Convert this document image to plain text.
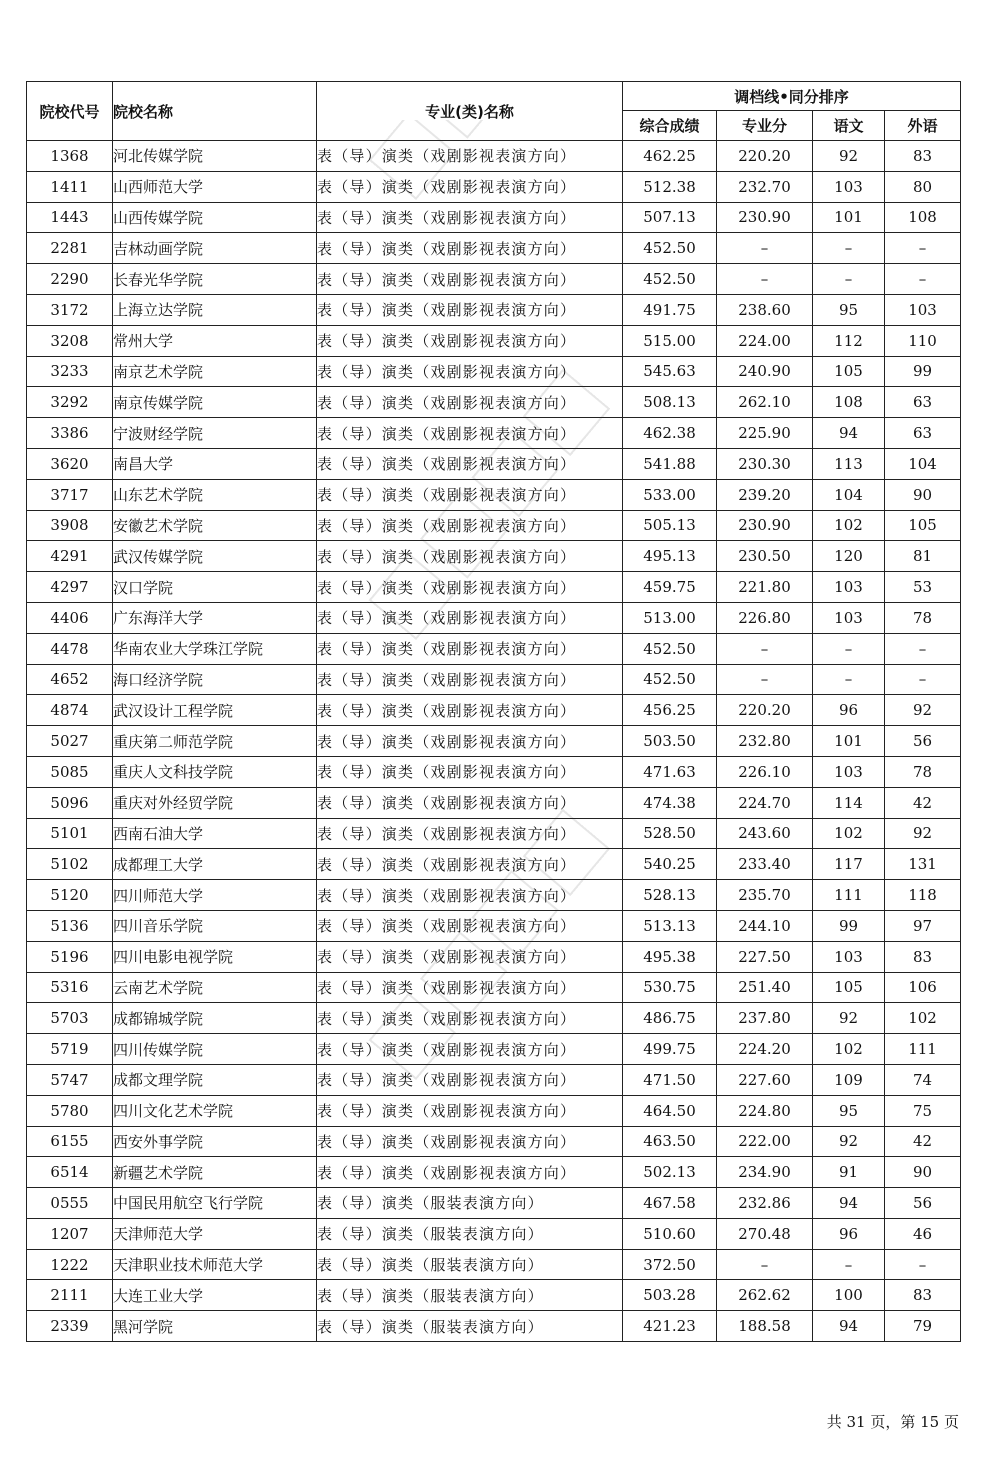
院校代号	院校名称	专业(类)名称	调档线•同分排序			
			综合成绩	专业分	语文	外语
1368	河北传媒学院	表（导）演类（戏剧影视表演方向）	462.25	220.20	92	83
1411	山西师范大学	表（导）演类（戏剧影视表演方向）	512.38	232.70	103	80
1443	山西传媒学院	表（导）演类（戏剧影视表演方向）	507.13	230.90	101	108
2281	吉林动画学院	表（导）演类（戏剧影视表演方向）	452.50	–	–	–
2290	长春光华学院	表（导）演类（戏剧影视表演方向）	452.50	–	–	–
3172	上海立达学院	表（导）演类（戏剧影视表演方向）	491.75	238.60	95	103
3208	常州大学	表（导）演类（戏剧影视表演方向）	515.00	224.00	112	110
3233	南京艺术学院	表（导）演类（戏剧影视表演方向）	545.63	240.90	105	99
3292	南京传媒学院	表（导）演类（戏剧影视表演方向）	508.13	262.10	108	63
3386	宁波财经学院	表（导）演类（戏剧影视表演方向）	462.38	225.90	94	63
3620	南昌大学	表（导）演类（戏剧影视表演方向）	541.88	230.30	113	104
3717	山东艺术学院	表（导）演类（戏剧影视表演方向）	533.00	239.20	104	90
3908	安徽艺术学院	表（导）演类（戏剧影视表演方向）	505.13	230.90	102	105
4291	武汉传媒学院	表（导）演类（戏剧影视表演方向）	495.13	230.50	120	81
4297	汉口学院	表（导）演类（戏剧影视表演方向）	459.75	221.80	103	53
4406	广东海洋大学	表（导）演类（戏剧影视表演方向）	513.00	226.80	103	78
4478	华南农业大学珠江学院	表（导）演类（戏剧影视表演方向）	452.50	–	–	–
4652	海口经济学院	表（导）演类（戏剧影视表演方向）	452.50	–	–	–
4874	武汉设计工程学院	表（导）演类（戏剧影视表演方向）	456.25	220.20	96	92
5027	重庆第二师范学院	表（导）演类（戏剧影视表演方向）	503.50	232.80	101	56
5085	重庆人文科技学院	表（导）演类（戏剧影视表演方向）	471.63	226.10	103	78
5096	重庆对外经贸学院	表（导）演类（戏剧影视表演方向）	474.38	224.70	114	42
5101	西南石油大学	表（导）演类（戏剧影视表演方向）	528.50	243.60	102	92
5102	成都理工大学	表（导）演类（戏剧影视表演方向）	540.25	233.40	117	131
5120	四川师范大学	表（导）演类（戏剧影视表演方向）	528.13	235.70	111	118
5136	四川音乐学院	表（导）演类（戏剧影视表演方向）	513.13	244.10	99	97
5196	四川电影电视学院	表（导）演类（戏剧影视表演方向）	495.38	227.50	103	83
5316	云南艺术学院	表（导）演类（戏剧影视表演方向）	530.75	251.40	105	106
5703	成都锦城学院	表（导）演类（戏剧影视表演方向）	486.75	237.80	92	102
5719	四川传媒学院	表（导）演类（戏剧影视表演方向）	499.75	224.20	102	111
5747	成都文理学院	表（导）演类（戏剧影视表演方向）	471.50	227.60	109	74
5780	四川文化艺术学院	表（导）演类（戏剧影视表演方向）	464.50	224.80	95	75
6155	西安外事学院	表（导）演类（戏剧影视表演方向）	463.50	222.00	92	42
6514	新疆艺术学院	表（导）演类（戏剧影视表演方向）	502.13	234.90	91	90
0555	中国民用航空飞行学院	表（导）演类（服装表演方向）	467.58	232.86	94	56
1207	天津师范大学	表（导）演类（服装表演方向）	510.60	270.48	96	46
1222	天津职业技术师范大学	表（导）演类（服装表演方向）	372.50	–	–	–
2111	大连工业大学	表（导）演类（服装表演方向）	503.28	262.62	100	83
2339	黑河学院	表（导）演类（服装表演方向）	421.23	188.58	94	79
共 31 页，第 15 页
